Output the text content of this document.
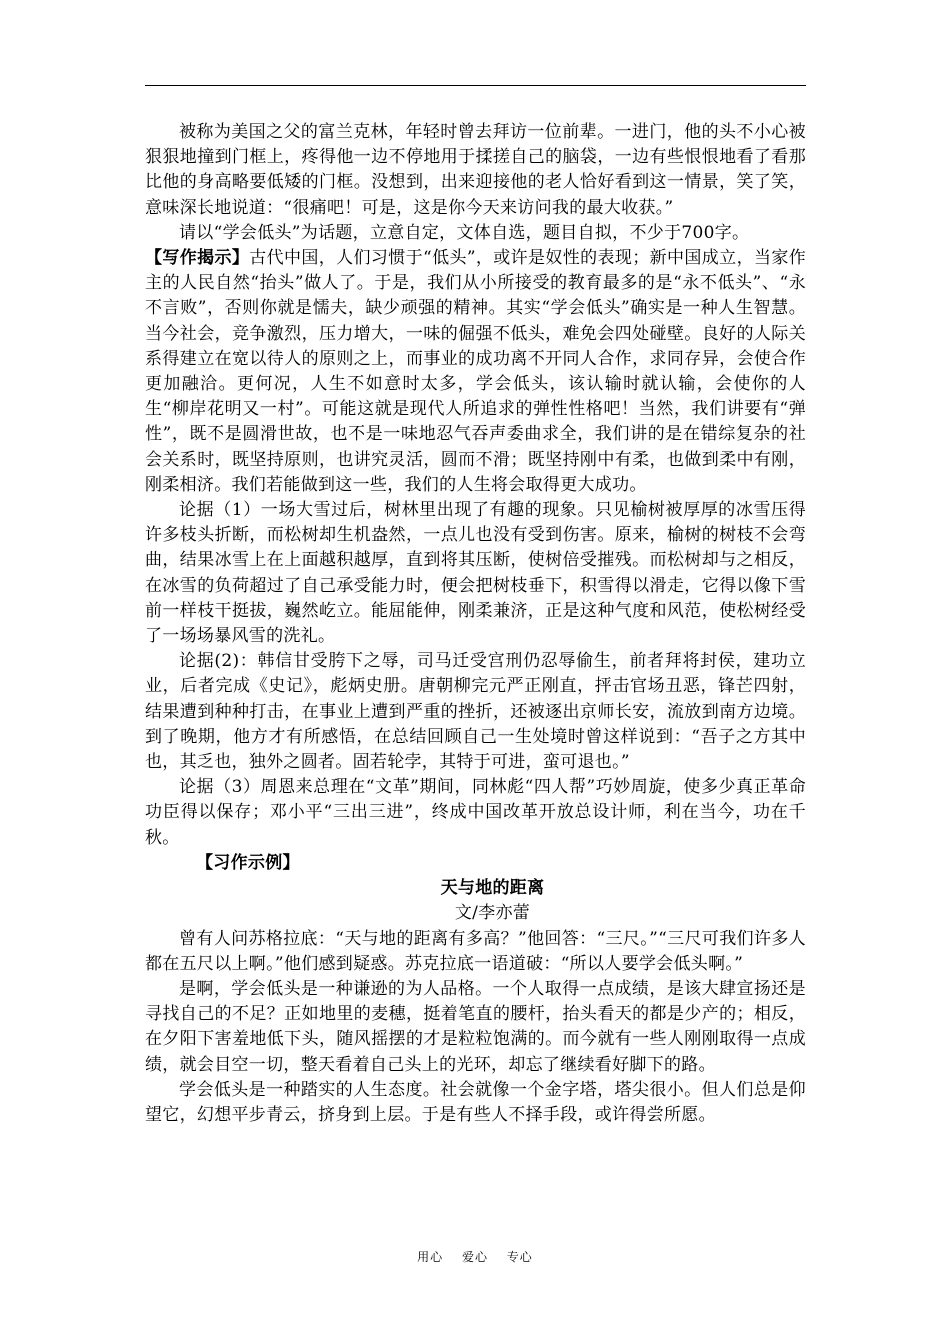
被称为美国之父的富兰克林，年轻时曾去拜访一位前辈。一进门，他的头不小心被狠狠地撞到门框上，疼得他一边不停地用于揉搓自己的脑袋，一边有些恨恨地看了看那比他的身高略要低矮的门框。没想到，出来迎接他的老人恰好看到这一情景，笑了笑，意味深长地说道：“很痛吧！可是，这是你今天来访问我的最大收获。”

请以“学会低头”为话题，立意自定，文体自选，题目自拟，不少于700字。

【写作揭示】古代中国，人们习惯于“低头”，或许是奴性的表现；新中国成立，当家作主的人民自然“抬头”做人了。于是，我们从小所接受的教育最多的是“永不低头”、“永不言败”，否则你就是懦夫，缺少顽强的精神。其实“学会低头”确实是一种人生智慧。当今社会，竞争激烈，压力增大，一味的倔强不低头，难免会四处碰壁。良好的人际关系得建立在宽以待人的原则之上，而事业的成功离不开同人合作，求同存异，会使合作更加融洽。更何况，人生不如意时太多，学会低头，该认输时就认输，会使你的人生“柳岸花明又一村”。可能这就是现代人所追求的弹性性格吧！当然，我们讲要有“弹性”，既不是圆滑世故，也不是一味地忍气吞声委曲求全，我们讲的是在错综复杂的社会关系时，既坚持原则，也讲究灵活，圆而不滑；既坚持刚中有柔，也做到柔中有刚，刚柔相济。我们若能做到这一些，我们的人生将会取得更大成功。

论据（1）一场大雪过后，树林里出现了有趣的现象。只见榆树被厚厚的冰雪压得许多枝头折断，而松树却生机盎然，一点儿也没有受到伤害。原来，榆树的树枝不会弯曲，结果冰雪上在上面越积越厚，直到将其压断，使树倍受摧残。而松树却与之相反，在冰雪的负荷超过了自己承受能力时，便会把树枝垂下，积雪得以滑走，它得以像下雪前一样枝干挺拔，巍然屹立。能屈能伸，刚柔兼济，正是这种气度和风范，使松树经受了一场场暴风雪的洗礼。

论据(2)：韩信甘受胯下之辱，司马迁受宫刑仍忍辱偷生，前者拜将封侯，建功立业，后者完成《史记》，彪炳史册。唐朝柳完元严正刚直，抨击官场丑恶，锋芒四射，结果遭到种种打击，在事业上遭到严重的挫折，还被逐出京师长安，流放到南方边境。到了晚期，他方才有所感悟，在总结回顾自己一生处境时曾这样说到：“吾子之方其中也，其乏也，独外之圆者。固若轮孛，其特于可进，蛮可退也。”

论据（3）周恩来总理在“文革”期间，同林彪“四人帮”巧妙周旋，使多少真正革命功臣得以保存；邓小平“三出三进”，终成中国改革开放总设计师，利在当今，功在千秋。

【习作示例】

天与地的距离

文/李亦蕾

曾有人问苏格拉底：“天与地的距离有多高？”他回答：“三尺。”“三尺可我们许多人都在五尺以上啊。”他们感到疑惑。苏克拉底一语道破：“所以人要学会低头啊。”

是啊，学会低头是一种谦逊的为人品格。一个人取得一点成绩，是该大肆宣扬还是寻找自己的不足？正如地里的麦穗，挺着笔直的腰杆，抬头看天的都是少产的；相反，在夕阳下害羞地低下头，随风摇摆的才是粒粒饱满的。而今就有一些人刚刚取得一点成绩，就会目空一切，整天看着自己头上的光环，却忘了继续看好脚下的路。

学会低头是一种踏实的人生态度。社会就像一个金字塔，塔尖很小。但人们总是仰望它，幻想平步青云，挤身到上层。于是有些人不择手段，或许得尝所愿。

用心 爱心 专心
